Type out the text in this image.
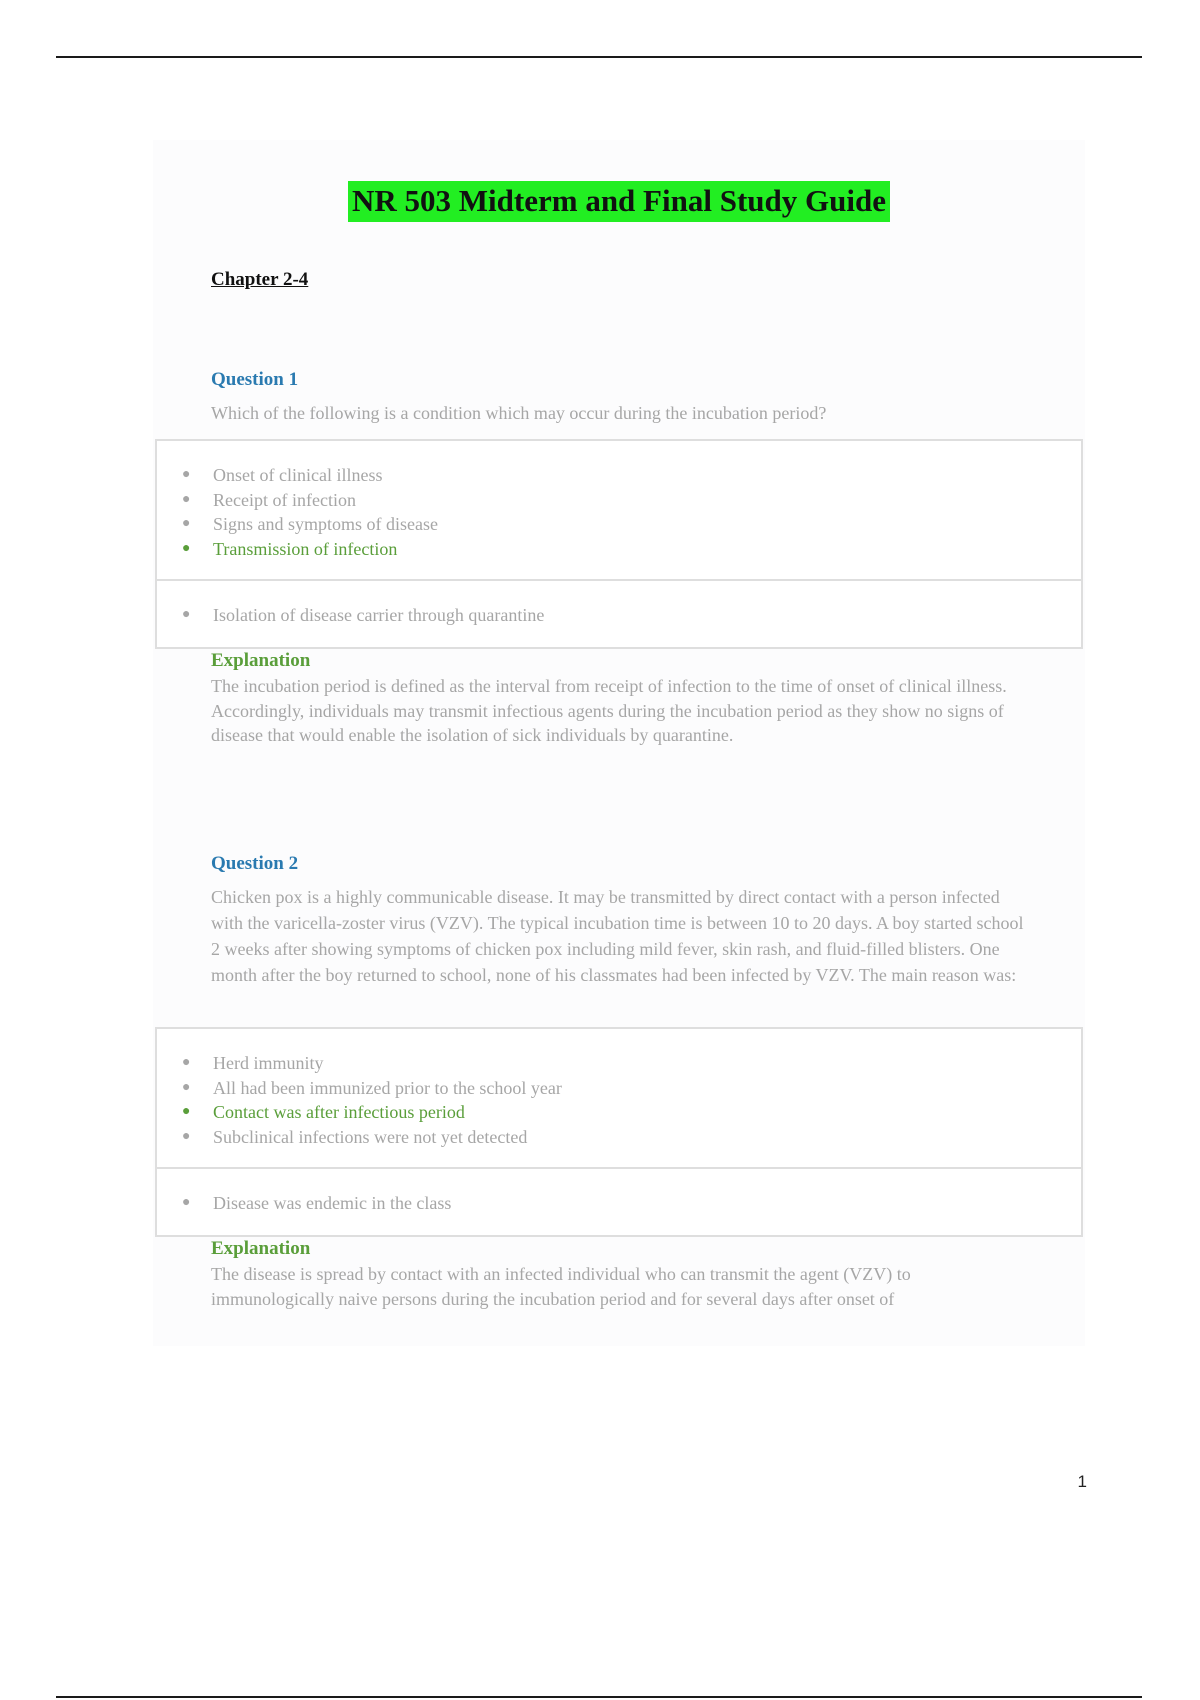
NR 503 Midterm and Final Study Guide
Chapter 2-4
Question 1
Which of the following is a condition which may occur during the incubation period?
● Onset of clinical illness
● Receipt of infection
● Signs and symptoms of disease
● Transmission of infection
● Isolation of disease carrier through quarantine
Explanation
The incubation period is defined as the interval from receipt of infection to the time of onset of clinical illness. Accordingly, individuals may transmit infectious agents during the incubation period as they show no signs of disease that would enable the isolation of sick individuals by quarantine.
Question 2
Chicken pox is a highly communicable disease. It may be transmitted by direct contact with a person infected with the varicella-zoster virus (VZV). The typical incubation time is between 10 to 20 days. A boy started school 2 weeks after showing symptoms of chicken pox including mild fever, skin rash, and fluid-filled blisters. One month after the boy returned to school, none of his classmates had been infected by VZV. The main reason was:
● Herd immunity
● All had been immunized prior to the school year
● Contact was after infectious period
● Subclinical infections were not yet detected
● Disease was endemic in the class
Explanation
The disease is spread by contact with an infected individual who can transmit the agent (VZV) to immunologically naive persons during the incubation period and for several days after onset of
1
